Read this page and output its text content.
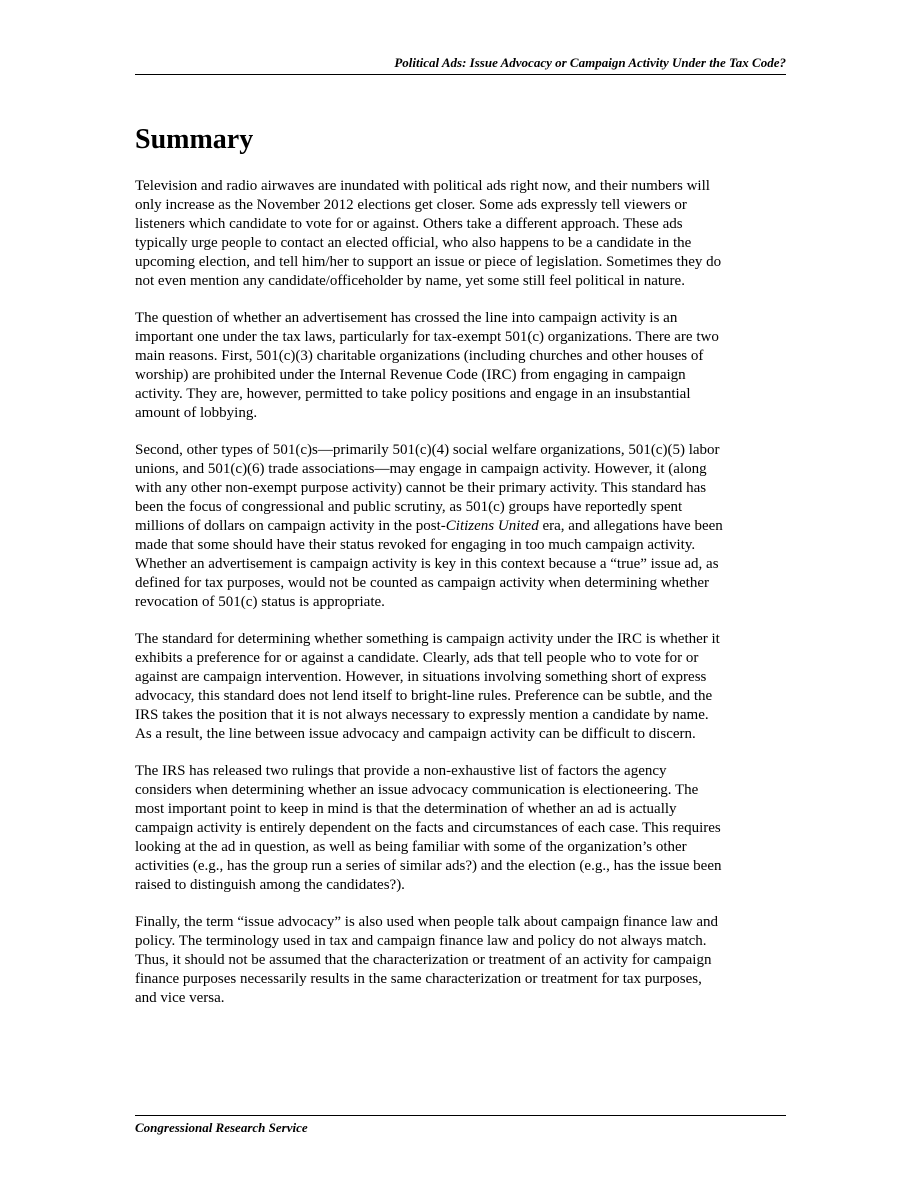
Political Ads: Issue Advocacy or Campaign Activity Under the Tax Code?
Summary

Television and radio airwaves are inundated with political ads right now, and their numbers will
only increase as the November 2012 elections get closer. Some ads expressly tell viewers or
listeners which candidate to vote for or against. Others take a different approach. These ads
typically urge people to contact an elected official, who also happens to be a candidate in the
upcoming election, and tell him/her to support an issue or piece of legislation. Sometimes they do
not even mention any candidate/officeholder by name, yet some still feel political in nature.

The question of whether an advertisement has crossed the line into campaign activity is an
important one under the tax laws, particularly for tax-exempt 501(c) organizations. There are two
main reasons. First, 501(c)(3) charitable organizations (including churches and other houses of
worship) are prohibited under the Internal Revenue Code (IRC) from engaging in campaign
activity. They are, however, permitted to take policy positions and engage in an insubstantial
amount of lobbying.

Second, other types of 501(c)s—primarily 501(c)(4) social welfare organizations, 501(c)(5) labor
unions, and 501(c)(6) trade associations—may engage in campaign activity. However, it (along
with any other non-exempt purpose activity) cannot be their primary activity. This standard has
been the focus of congressional and public scrutiny, as 501(c) groups have reportedly spent
millions of dollars on campaign activity in the post-Citizens United era, and allegations have been
made that some should have their status revoked for engaging in too much campaign activity.
Whether an advertisement is campaign activity is key in this context because a “true” issue ad, as
defined for tax purposes, would not be counted as campaign activity when determining whether
revocation of 501(c) status is appropriate.

The standard for determining whether something is campaign activity under the IRC is whether it
exhibits a preference for or against a candidate. Clearly, ads that tell people who to vote for or
against are campaign intervention. However, in situations involving something short of express
advocacy, this standard does not lend itself to bright-line rules. Preference can be subtle, and the
IRS takes the position that it is not always necessary to expressly mention a candidate by name.
As a result, the line between issue advocacy and campaign activity can be difficult to discern.

The IRS has released two rulings that provide a non-exhaustive list of factors the agency
considers when determining whether an issue advocacy communication is electioneering. The
most important point to keep in mind is that the determination of whether an ad is actually
campaign activity is entirely dependent on the facts and circumstances of each case. This requires
looking at the ad in question, as well as being familiar with some of the organization’s other
activities (e.g., has the group run a series of similar ads?) and the election (e.g., has the issue been
raised to distinguish among the candidates?).

Finally, the term “issue advocacy” is also used when people talk about campaign finance law and
policy. The terminology used in tax and campaign finance law and policy do not always match.
Thus, it should not be assumed that the characterization or treatment of an activity for campaign
finance purposes necessarily results in the same characterization or treatment for tax purposes,
and vice versa.

Congressional Research Service
